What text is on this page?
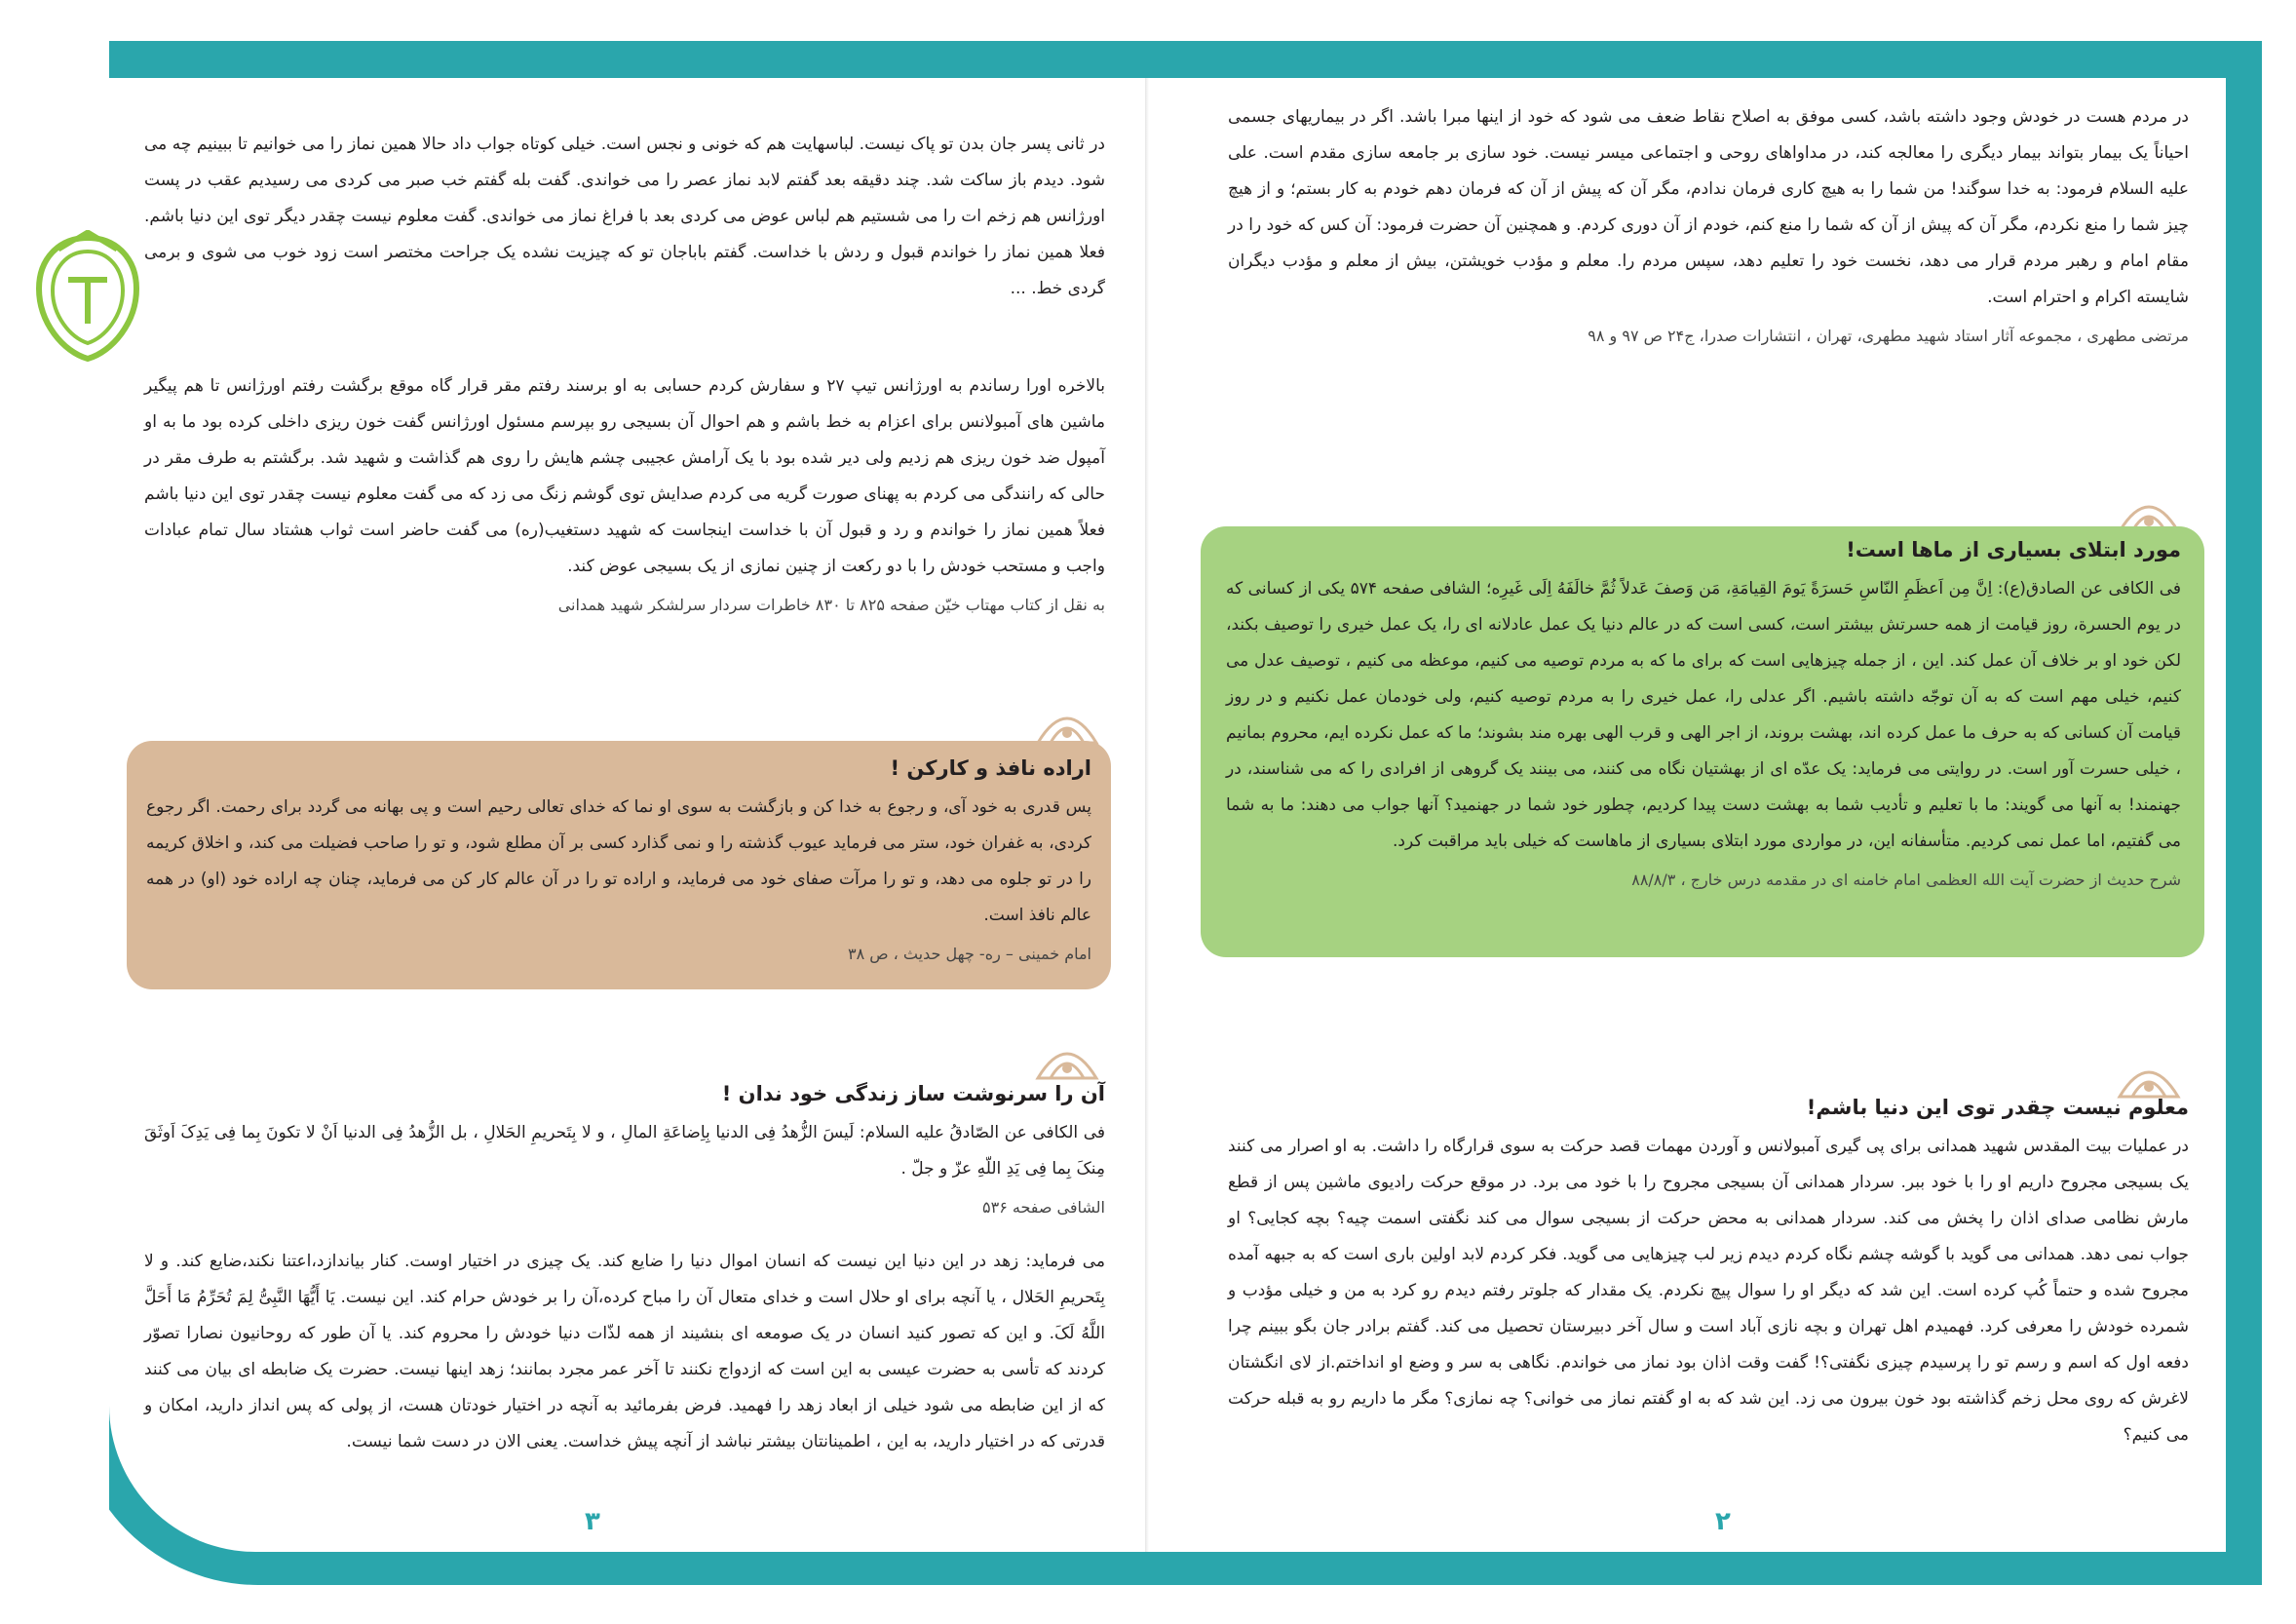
در مردم هست در خودش وجود داشته باشد، کسی موفق به اصلاح نقاط ضعف می شود که خود از اینها مبرا باشد. اگر در بیماریهای جسمی احیاناً یک بیمار بتواند بیمار دیگری را معالجه کند، در مداواهای روحی و اجتماعی میسر نیست. خود سازی بر جامعه سازی مقدم است. علی علیه السلام فرمود: به خدا سوگند! من شما را به هیچ کاری فرمان ندادم، مگر آن که پیش از آن که فرمان دهم خودم به کار بستم؛ و از هیچ چیز شما را منع نکردم، مگر آن که پیش از آن که شما را منع کنم، خودم از آن دوری کردم. و همچنین آن حضرت فرمود: آن کس که خود را در مقام امام و رهبر مردم قرار می دهد، نخست خود را تعلیم دهد، سپس مردم را. معلم و مؤدب خویشتن، بیش از معلم و مؤدب دیگران شایسته اکرام و احترام است.

مرتضی مطهری ، مجموعه آثار استاد شهید مطهری، تهران ، انتشارات صدرا، ج۲۴ ص ۹۷ و ۹۸
مورد ابتلای بسیاری از ماها است!

فی الکافی عن الصادق(ع): اِنَّ مِن اَعظَمِ النّاسِ حَسرَةً یَومَ القِیامَةِ، مَن وَصفَ عَدلاً ثُمَّ خالَفَهُ اِلَی غَیرِه؛ الشافی صفحه ۵۷۴ یکی از کسانی که در یوم الحسرة، روز قیامت از همه حسرتش بیشتر است، کسی است که در عالم دنیا یک عمل عادلانه ای را، یک عمل خیری را توصیف بکند، لکن خود او بر خلاف آن عمل کند. این ، از جمله چیزهایی است که برای ما که به مردم توصیه می کنیم، موعظه می کنیم ، توصیف عدل می کنیم، خیلی مهم است که به آن توجّه داشته باشیم. اگر عدلی را، عمل خیری را به مردم توصیه کنیم، ولی خودمان عمل نکنیم و در روز قیامت آن کسانی که به حرف ما عمل کرده اند، بهشت بروند، از اجر الهی و قرب الهی بهره مند بشوند؛ ما که عمل نکرده ایم، محروم بمانیم ، خیلی حسرت آور است. در روایتی می فرماید: یک عدّه ای از بهشتیان نگاه می کنند، می بینند یک گروهی از افرادی را که می شناسند، در جهنمند! به آنها می گویند: ما با تعلیم و تأدیب شما به بهشت دست پیدا کردیم، چطور خود شما در جهنمید؟ آنها جواب می دهند: ما به شما می گفتیم، اما عمل نمی کردیم. متأسفانه این، در مواردی مورد ابتلای بسیاری از ماهاست که خیلی باید مراقبت کرد.

شرح حدیث از حضرت آیت الله العظمی امام خامنه ای در مقدمه درس خارج ، ۸۸/۸/۳
معلوم نیست چقدر توی این دنیا باشم!

در عملیات بیت المقدس شهید همدانی برای پی گیری آمبولانس و آوردن مهمات قصد حرکت به سوی قرارگاه را داشت. به او اصرار می کنند یک بسیجی مجروح داریم او را با خود ببر. سردار همدانی آن بسیجی مجروح را با خود می برد. در موقع حرکت رادیوی ماشین پس از قطع مارش نظامی صدای اذان را پخش می کند. سردار همدانی به محض حرکت از بسیجی سوال می کند نگفتی اسمت چیه؟ بچه کجایی؟ او جواب نمی دهد. همدانی می گوید با گوشه چشم نگاه کردم دیدم زیر لب چیزهایی می گوید. فکر کردم لابد اولین باری است که به جبهه آمده مجروح شده و حتماً کُپ کرده است. این شد که دیگر او را سوال پیچ نکردم. یک مقدار که جلوتر رفتم دیدم رو کرد به من و خیلی مؤدب و شمرده خودش را معرفی کرد. فهمیدم اهل تهران و بچه نازی آباد است و سال آخر دبیرستان تحصیل می کند. گفتم برادر جان بگو ببینم چرا دفعه اول که اسم و رسم تو را پرسیدم چیزی نگفتی؟! گفت وقت اذان بود نماز می خواندم. نگاهی به سر و وضع او انداختم.از لای انگشتان لاغرش که روی محل زخم گذاشته بود خون بیرون می زد. این شد که به او گفتم نماز می خوانی؟ چه نمازی؟ مگر ما داریم رو به قبله حرکت می کنیم؟

۲

در ثانی پسر جان بدن تو پاک نیست. لباسهایت هم که خونی و نجس است. خیلی کوتاه جواب داد حالا همین نماز را می خوانیم تا ببینیم چه می شود. دیدم باز ساکت شد. چند دقیقه بعد گفتم لابد نماز عصر را می خواندی. گفت بله گفتم خب صبر می کردی می رسیدیم عقب در پست اورژانس هم زخم ات را می شستیم هم لباس عوض می کردی بعد با فراغ نماز می خواندی. گفت معلوم نیست چقدر دیگر توی این دنیا باشم. فعلا همین نماز را خواندم قبول و ردش با خداست. گفتم باباجان تو که چیزیت نشده یک جراحت مختصر است زود خوب می شوی و برمی گردی خط. ...

بالاخره اورا رساندم به اورژانس تیپ ۲۷ و سفارش کردم حسابی به او برسند رفتم مقر قرار گاه موقع برگشت رفتم اورژانس تا هم پیگیر ماشین های آمبولانس برای اعزام به خط باشم و هم احوال آن بسیجی رو بپرسم مسئول اورژانس گفت خون ریزی داخلی کرده بود ما به او آمپول ضد خون ریزی هم زدیم ولی دیر شده بود با یک آرامش عجیبی چشم هایش را روی هم گذاشت و شهید شد. برگشتم به طرف مقر در حالی که رانندگی می کردم به پهنای صورت گریه می کردم صدایش توی گوشم زنگ می زد که می گفت معلوم نیست چقدر توی این دنیا باشم فعلاً همین نماز را خواندم و رد و قبول آن با خداست اینجاست که شهید دستغیب(ره) می گفت حاضر است ثواب هشتاد سال تمام عبادات واجب و مستحب خودش را با دو رکعت از چنین نمازی از یک بسیجی عوض کند.

به نقل از کتاب مهتاب خیّن صفحه ۸۲۵ تا ۸۳۰ خاطرات سردار سرلشکر شهید همدانی
اراده نافذ و کارکن !

پس قدری به خود آی، و رجوع به خدا کن و بازگشت به سوی او نما که خدای تعالی رحیم است و پی بهانه می گردد برای رحمت. اگر رجوع کردی، به غفران خود، ستر می فرماید عیوب گذشته را و نمی گذارد کسی بر آن مطلع شود، و تو را صاحب فضیلت می کند، و اخلاق کریمه را در تو جلوه می دهد، و تو را مرآت صفای خود می فرماید، و اراده تو را در آن عالم کار کن می فرماید، چنان چه اراده خود (او) در همه عالم نافذ است.

امام خمینی – ره- چهل حدیث ، ص ۳۸
آن را سرنوشت ساز زندگی خود ندان !

فی الکافی عن الصّادقُ علیه السلام: لَیسَ الزُّهدُ فِی الدنیا بِاِضاعَةِ المالِ ، و لا بِتَحریمِ الحَلالِ ، بل الزُّهدُ فِی الدنیا اَنْ لا تکونَ بِما فِی یَدِکَ اَوثَقَ مِنکَ بِما فِی یَدِ اللّهِ عزّ و جلّ .

الشافی صفحه ۵۳۶

می فرماید: زهد در این دنیا این نیست که انسان اموال دنیا را ضایع کند. یک چیزی در اختیار اوست. کنار بیاندازد،اعتنا نکند،ضایع کند. و لا بِتَحریمِ الحَلال ، یا آنچه برای او حلال است و خدای متعال آن را مباح کرده،آن را بر خودش حرام کند. این نیست. یَا أَیُّهَا النَّبِیُّ لِمَ تُحَرِّمُ مَا أَحَلَّ اللَّهُ لَکَ. و این که تصور کنید انسان در یک صومعه ای بنشیند از همه لذّات دنیا خودش را محروم کند. یا آن طور که روحانیون نصارا تصوّر کردند که تأسی به حضرت عیسی به این است که ازدواج نکنند تا آخر عمر مجرد بمانند؛ زهد اینها نیست. حضرت یک ضابطه ای بیان می کنند که از این ضابطه می شود خیلی از ابعاد زهد را فهمید. فرض بفرمائید به آنچه در اختیار خودتان هست، از پولی که پس انداز دارید، امکان و قدرتی که در اختیار دارید، به این ، اطمینانتان بیشتر نباشد از آنچه پیش خداست. یعنی الان در دست شما نیست.

۳
